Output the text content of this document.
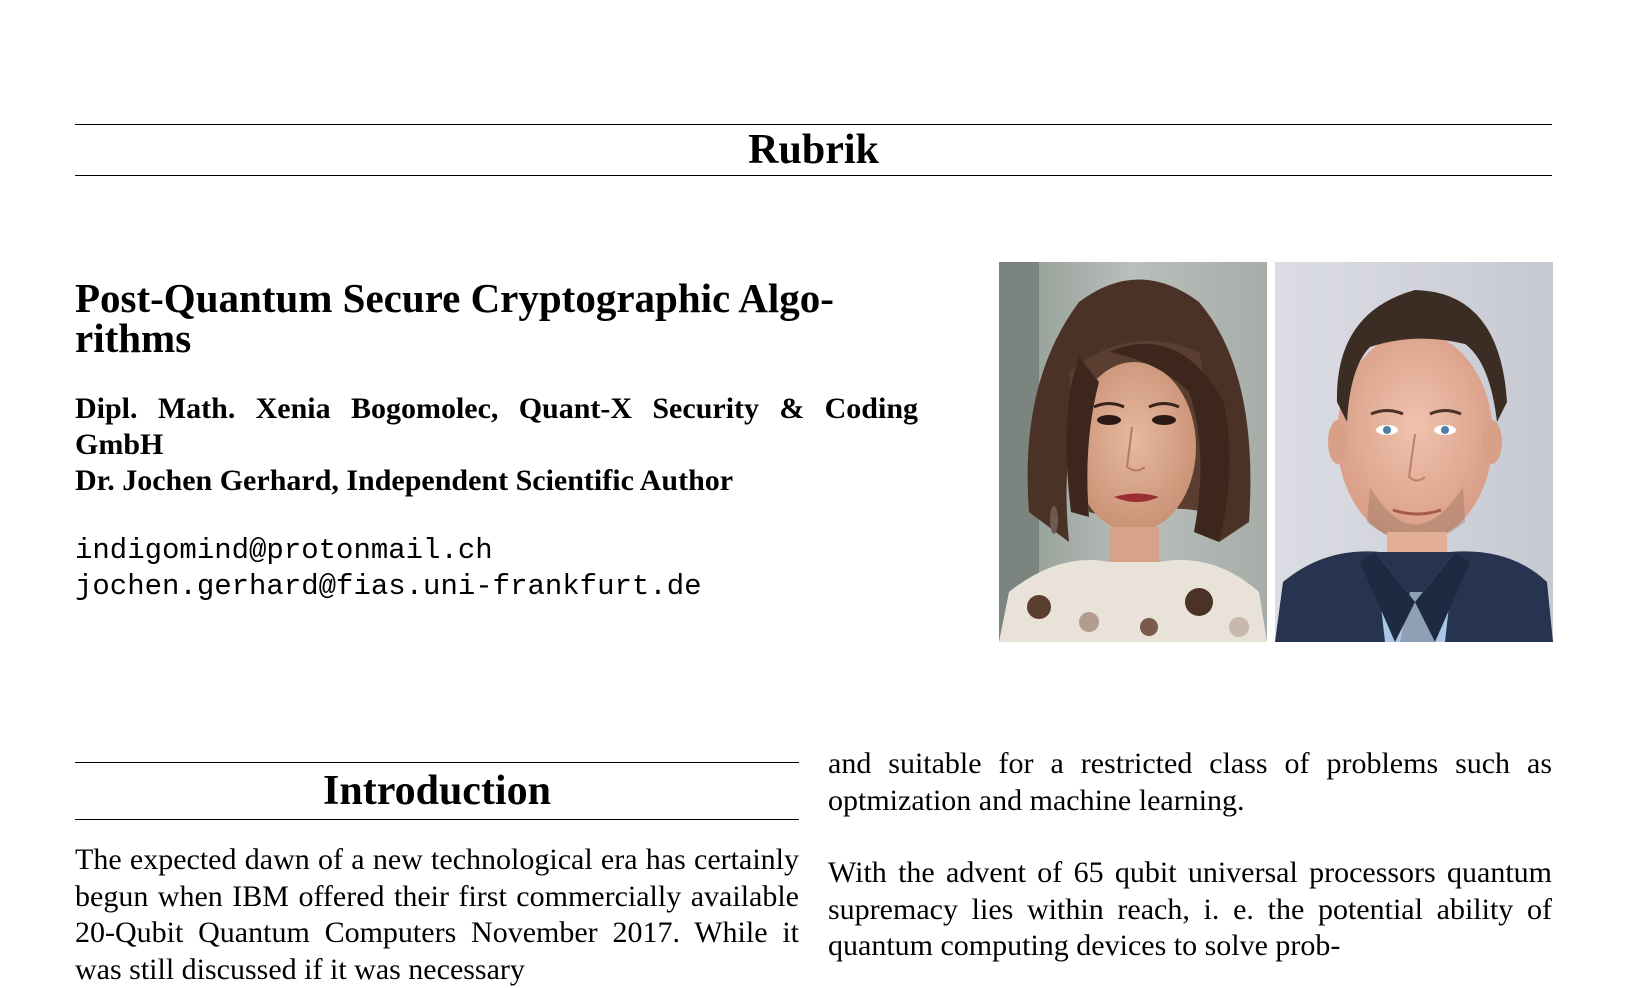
Rubrik
Post-Quantum Secure Cryptographic Algo-
rithms
Dipl. Math. Xenia Bogomolec, Quant-X Security & Coding GmbH
Dr. Jochen Gerhard, Independent Scientific Author
indigomind@protonmail.ch
jochen.gerhard@fias.uni-frankfurt.de
Introduction

The expected dawn of a new technological era has certainly begun when IBM offered their first commercially available 20-Qubit Quantum Computers November 2017. While it was still discussed if it was necessary

and suitable for a restricted class of problems such as optmization and machine learning.

With the advent of 65 qubit universal processors quantum supremacy lies within reach, i. e. the potential ability of quantum computing devices to solve prob-
